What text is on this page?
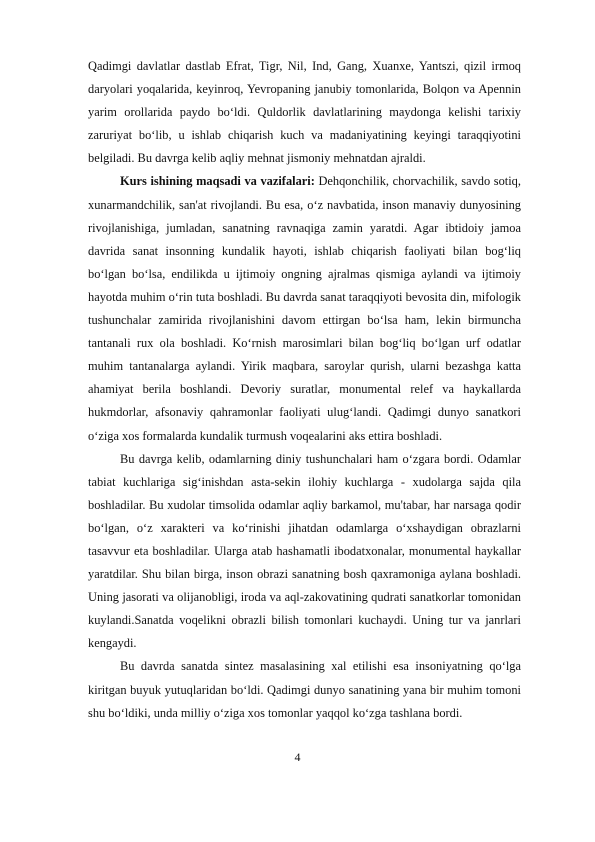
Qadimgi davlatlar dastlab Efrat, Tigr, Nil, Ind, Gang, Xuanxe, Yantszi, qizil irmoq daryolari yoqalarida, keyinroq, Yevropaning janubiy tomonlarida, Bolqon va Apennin yarim orollarida paydo bo‘ldi. Quldorlik davlatlarining maydonga kelishi tarixiy zaruriyat bo‘lib, u ishlab chiqarish kuch va madaniyatining keyingi taraqqiyotini belgiladi. Bu davrga kelib aqliy mehnat jismoniy mehnatdan ajraldi.

Kurs ishining maqsadi va vazifalari: Dehqonchilik, chorvachilik, savdo sotiq, xunarmandchilik, san'at rivojlandi. Bu esa, o‘z navbatida, inson manaviy dunyosining rivojlanishiga, jumladan, sanatning ravnaqiga zamin yaratdi. Agar ibtidoiy jamoa davrida sanat insonning kundalik hayoti, ishlab chiqarish faoliyati bilan bog‘liq bo‘lgan bo‘lsa, endilikda u ijtimoiy ongning ajralmas qismiga aylandi va ijtimoiy hayotda muhim o‘rin tuta boshladi. Bu davrda sanat taraqqiyoti bevosita din, mifologik tushunchalar zamirida rivojlanishini davom ettirgan bo‘lsa ham, lekin birmuncha tantanali rux ola boshladi. Ko‘rnish marosimlari bilan bog‘liq bo‘lgan urf odatlar muhim tantanalarga aylandi. Yirik maqbara, saroylar qurish, ularni bezashga katta ahamiyat berila boshlandi. Devoriy suratlar, monumental relef va haykallarda hukmdorlar, afsonaviy qahramonlar faoliyati ulug‘landi. Qadimgi dunyo sanatkori o‘ziga xos formalarda kundalik turmush voqealarini aks ettira boshladi.

Bu davrga kelib, odamlarning diniy tushunchalari ham o‘zgara bordi. Odamlar tabiat kuchlariga sig‘inishdan asta-sekin ilohiy kuchlarga - xudolarga sajda qila boshladilar. Bu xudolar timsolida odamlar aqliy barkamol, mu'tabar, har narsaga qodir bo‘lgan, o‘z xarakteri va ko‘rinishi jihatdan odamlarga o‘xshaydigan obrazlarni tasavvur eta boshladilar. Ularga atab hashamatli ibodatxonalar, monumental haykallar yaratdilar. Shu bilan birga, inson obrazi sanatning bosh qaxramoniga aylana boshladi. Uning jasorati va olijanobligi, iroda va aql-zakovatining qudrati sanatkorlar tomonidan kuylandi.Sanatda voqelikni obrazli bilish tomonlari kuchaydi. Uning tur va janrlari kengaydi.

Bu davrda sanatda sintez masalasining xal etilishi esa insoniyatning qo‘lga kiritgan buyuk yutuqlaridan bo‘ldi. Qadimgi dunyo sanatining yana bir muhim tomoni shu bo‘ldiki, unda milliy o‘ziga xos tomonlar yaqqol ko‘zga tashlana bordi.

4
